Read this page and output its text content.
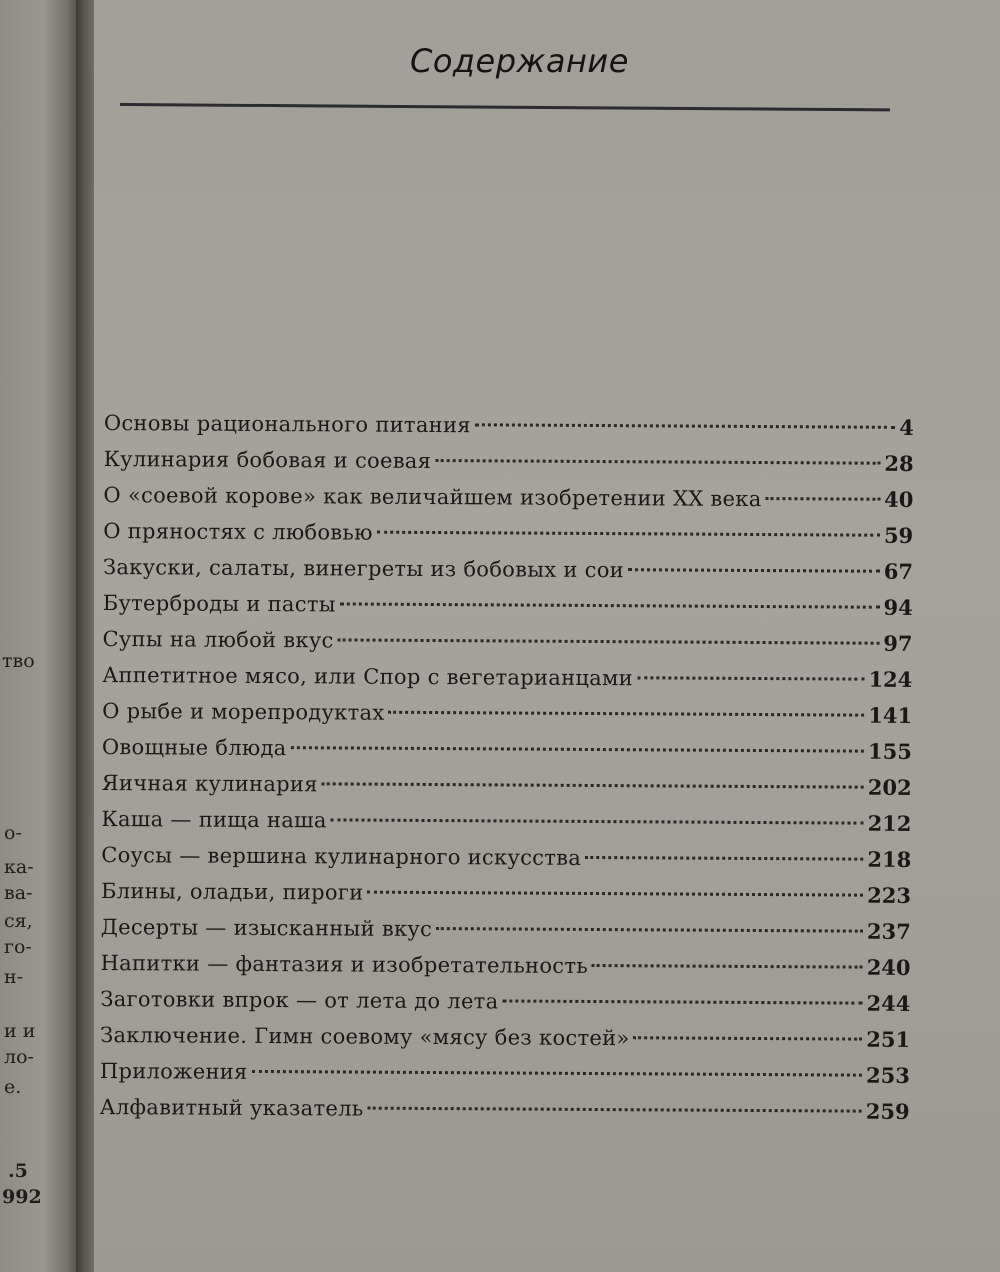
тво
о-
ка-
ва-
ся,
го-
н-
и и
ло-
е.
.5
992
Содержание
Основы рационального питания	4
Кулинария бобовая и соевая	28
О «соевой корове» как величайшем изобретении XX века	40
О пряностях с любовью	59
Закуски, салаты, винегреты из бобовых и сои	67
Бутерброды и пасты	94
Супы на любой вкус	97
Аппетитное мясо, или Спор с вегетарианцами	124
О рыбе и морепродуктах	141
Овощные блюда	155
Яичная кулинария	202
Каша — пища наша	212
Соусы — вершина кулинарного искусства	218
Блины, оладьи, пироги	223
Десерты — изысканный вкус	237
Напитки — фантазия и изобретательность	240
Заготовки впрок — от лета до лета	244
Заключение. Гимн соевому «мясу без костей»	251
Приложения	253
Алфавитный указатель	259
